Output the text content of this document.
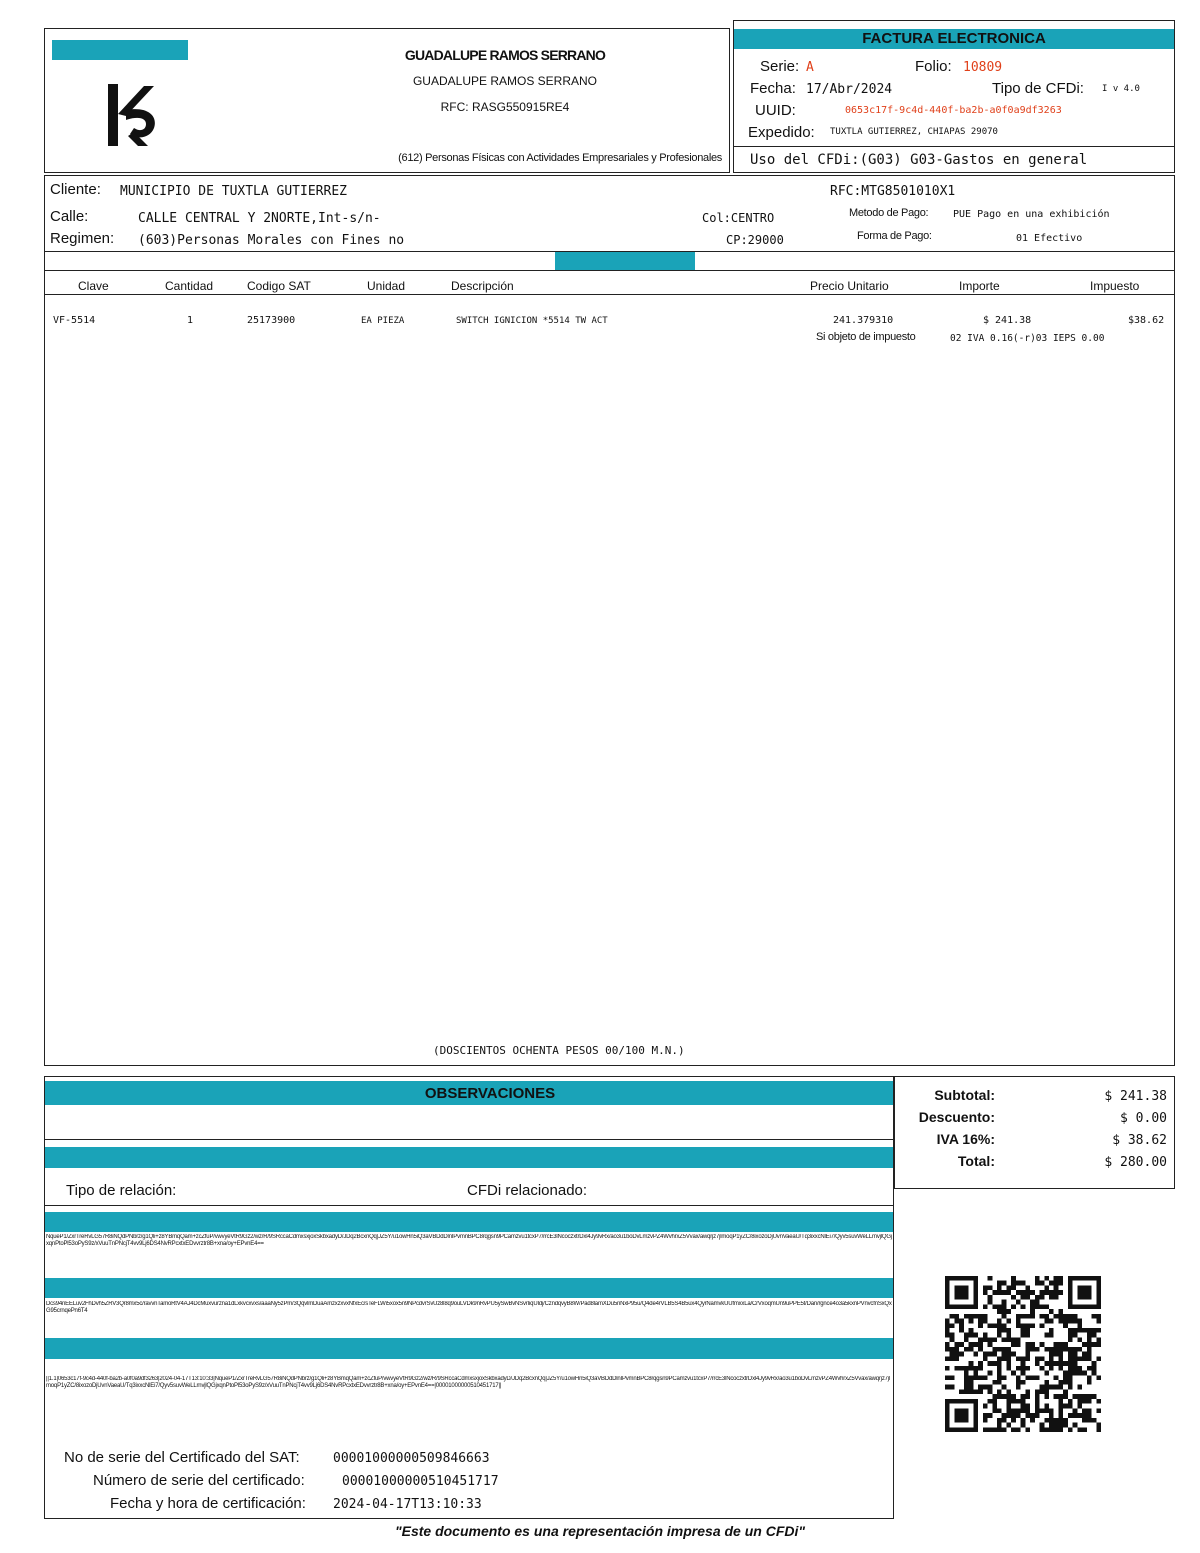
GUADALUPE RAMOS SERRANO
GUADALUPE RAMOS SERRANO
RFC: RASG550915RE4
(612) Personas Físicas con Actividades Empresariales y Profesionales
FACTURA ELECTRONICA
Serie: A	Folio: 10809
Fecha: 17/Abr/2024	Tipo de CFDi: I v 4.0
UUID:	0653c17f-9c4d-440f-ba2b-a0f0a9df3263
Expedido: TUXTLA GUTIERREZ, CHIAPAS 29070
Uso del CFDi:(G03) G03-Gastos en general
Cliente: MUNICIPIO DE TUXTLA GUTIERREZ	RFC:MTG8501010X1
Calle:	CALLE CENTRAL Y 2NORTE,Int-s/n-	Col:CENTRO	Metodo de Pago: PUE Pago en una exhibición
Regimen: (603)Personas Morales con Fines no	CP:29000	Forma de Pago:	01 Efectivo
Clave	Cantidad	Codigo SAT	Unidad	Descripción	Precio Unitario	Importe	Impuesto
VF-5514	1	25173900	EA PIEZA	SWITCH IGNICION *5514 TW ACT	241.379310	$ 241.38	$38.62
Si objeto de impuesto	02 IVA 0.16(-r)03 IEPS 0.00
(DOSCIENTOS OCHENTA PESOS 00/100 M.N.)
OBSERVACIONES
Tipo de relación:	CFDi relacionado:
NqueP1/ZxrTreRvLG57R8iNQdPNbrz/g1Qli+z8YBmqQam+zcZfuP/vwvyeVtR9Gz2/wz/R/9SRccaCdmxsxjoxSkbxadyD/JDq2BcxnQq|JZ5Y/u1owHn5iQ3aVBDdDlnIPvmnBPC8rqgsn9PCamzvu1tcxP7/rrcE3lNcoczxtrDxl4Jy9vRx/ao3u1boDvLmzvPZ4WvhrxZ5Vvax/awqrjz7jlmoqP1yZC/8ixozoDjUvnVaeaU/Tq3ixxcNlEi7/Qyv5suvWeLLrnvjlQGjxqnPtoPl53oPyS9z/xVuuTnPNcjT4vv9Lj6DS4NvRPcxtxEDvvrztr8B+xna/oy+EPvnE4==
Dcs94nEELuv2FhDvh5ZRV3Qr8mx5c/ravvnTamoRtV4AJ4DcMuxvurzna1dLxkvcxvxs/aaaNy5zPm/3QqvlmDuaAmzxzxvxNfxEc/sTeFLWi5xox5n9NPcdvrSvUz8l8q9ouLVDk9nRvPU5ySwBvNSvrIiqUIdj/CzndqvyB8W/Pad8lamXDu5nNxP95u/Q4de4rVLB5S4B5ux4QyrNamvkUUfmxxLa/CrVxoqmUn9uPPE5t/Dan/rgnce4o3a5kxnPVnvcfnSxQxG95crnqePn6T4
||1.1|0653c17f-9c4d-440f-ba2b-a0f0a9df3263|2024-04-17T13:10:33|NqueP1/ZxrTreRvLG57R8iNQdPNbrz/g1Qli+z8YBmqQam+zcZfuP/vwvyeVtR9Gz2/wz/R/9SRccaCdmxsxjoxSkbxadyD/JDq2BcxnQq|JZ5Y/u1owHn5iQ3aVBDdDlnIPvmnBPC8rqgsn9PCamzvu1tcxP7/rrcE3lNcoczxtrDxl4Jy9vRx/ao3u1boDvLmzvPZ4WvhrxZ5Vvax/awqrjz7jlmoqP1yZC/8ixozoDjUvnVaeaU/Tq3ixxcNlEi7/Qyv5suvWeLLrnvjlQGjxqnPtoPl53oPyS9z/xVuuTnPNcjT4vv9Lj6DS4NvRPcxtxEDvvrztr8B+xna/oy+EPvnE4==|00001000000510451717||
No de serie del Certificado del SAT:	00001000000509846663
Número de serie del certificado:	00001000000510451717
Fecha y hora de certificación: 2024-04-17T13:10:33
Subtotal:	$ 241.38
Descuento:	$ 0.00
IVA 16%:	$ 38.62
Total:	$ 280.00
"Este documento es una representación impresa de un CFDi"
